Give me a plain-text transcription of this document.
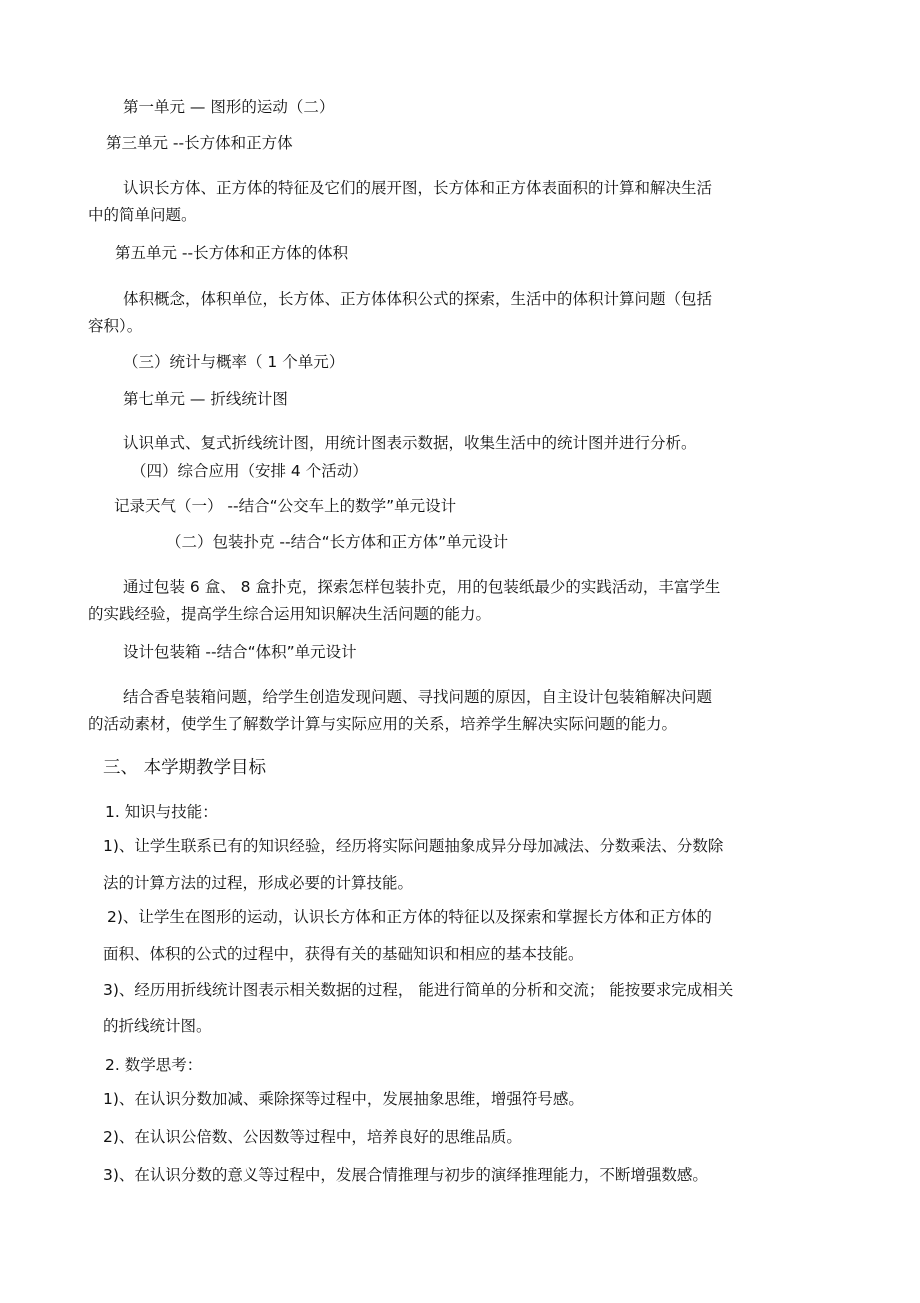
第一单元 — 图形的运动（二）

第三单元 --长方体和正方体

认识长方体、正方体的特征及它们的展开图，长方体和正方体表面积的计算和解决生活

中的简单问题。

第五单元 --长方体和正方体的体积

体积概念，体积单位，长方体、正方体体积公式的探索，生活中的体积计算问题（包括

容积）。

（三）统计与概率（ 1 个单元）

第七单元 — 折线统计图

认识单式、复式折线统计图，用统计图表示数据，收集生活中的统计图并进行分析。

（四）综合应用（安排 4 个活动）

记录天气（一） --结合“公交车上的数学”单元设计

（二）包装扑克 --结合“长方体和正方体”单元设计

通过包装 6 盒、 8 盒扑克，探索怎样包装扑克，用的包装纸最少的实践活动，丰富学生

的实践经验，提高学生综合运用知识解决生活问题的能力。

设计包装箱 --结合“体积”单元设计

结合香皂装箱问题，给学生创造发现问题、寻找问题的原因，自主设计包装箱解决问题

的活动素材，使学生了解数学计算与实际应用的关系，培养学生解决实际问题的能力。

三、 本学期教学目标

1. 知识与技能：

1)、让学生联系已有的知识经验，经历将实际问题抽象成异分母加减法、分数乘法、分数除

法的计算方法的过程，形成必要的计算技能。

2)、让学生在图形的运动，认识长方体和正方体的特征以及探索和掌握长方体和正方体的

面积、体积的公式的过程中，获得有关的基础知识和相应的基本技能。

3)、经历用折线统计图表示相关数据的过程， 能进行简单的分析和交流； 能按要求完成相关

的折线统计图。

2. 数学思考：

1)、在认识分数加减、乘除探等过程中，发展抽象思维，增强符号感。

2)、在认识公倍数、公因数等过程中，培养良好的思维品质。

3)、在认识分数的意义等过程中，发展合情推理与初步的演绎推理能力，不断增强数感。
